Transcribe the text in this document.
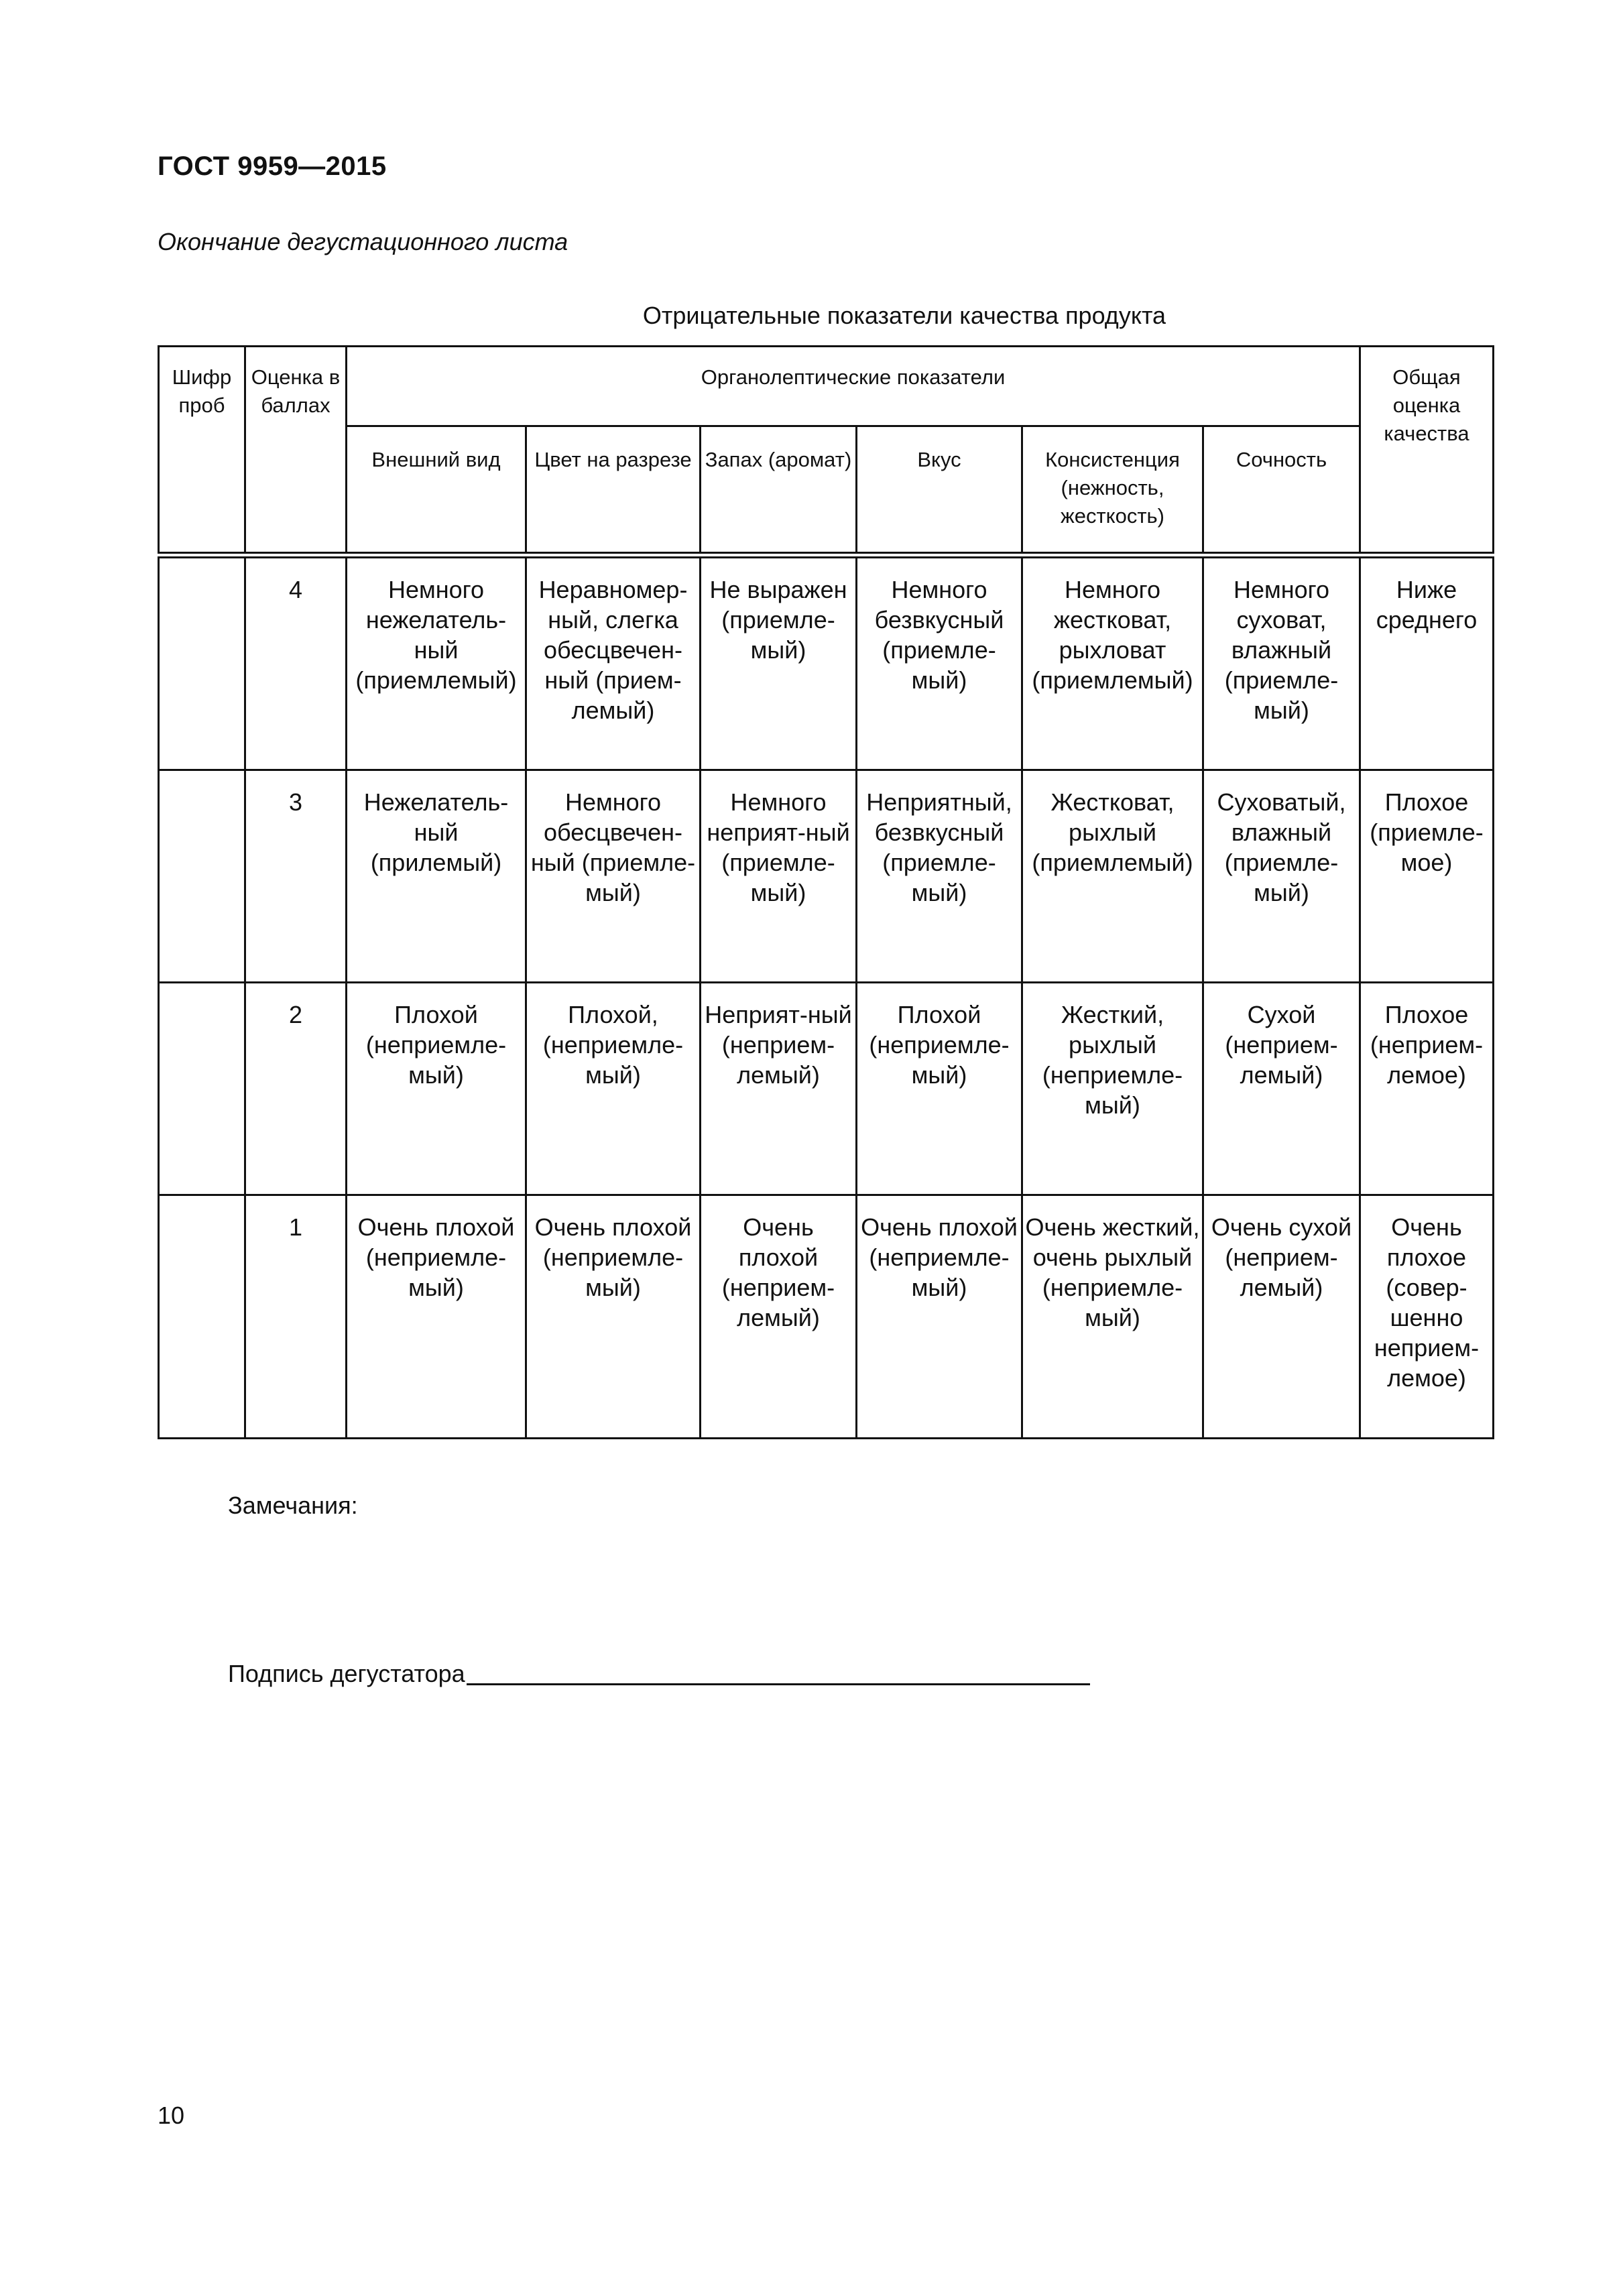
ГОСТ 9959—2015
Окончание дегустационного листа
Отрицательные показатели качества продукта
Шифр проб	Оценка в баллах	Органолептические показатели						Общая оценка качества
		Внешний вид	Цвет на разрезе	Запах (аромат)	Вкус	Консистенция (нежность, жесткость)	Сочность	
	4	Немного нежелатель-ный (приемлемый)	Неравномер-ный, слегка обесцвечен-ный (прием-лемый)	Не выражен (приемле-мый)	Немного безвкусный (приемле-мый)	Немного жестковат, рыхловат (приемлемый)	Немного суховат, влажный (приемле-мый)	Ниже среднего
	3	Нежелатель-ный (прилемый)	Немного обесцвечен-ный (приемле-мый)	Немного неприят-ный (приемле-мый)	Неприятный, безвкусный (приемле-мый)	Жестковат, рыхлый (приемлемый)	Суховатый, влажный (приемле-мый)	Плохое (приемле-мое)
	2	Плохой (неприемле-мый)	Плохой, (неприемле-мый)	Неприят-ный (неприем-лемый)	Плохой (неприемле-мый)	Жесткий, рыхлый (неприемле-мый)	Сухой (неприем-лемый)	Плохое (неприем-лемое)
	1	Очень плохой (неприемле-мый)	Очень плохой (неприемле-мый)	Очень плохой (неприем-лемый)	Очень плохой (неприемле-мый)	Очень жесткий, очень рыхлый (неприемле-мый)	Очень сухой (неприем-лемый)	Очень плохое (совер-шенно неприем-лемое)
Замечания:
Подпись дегустатора
10
